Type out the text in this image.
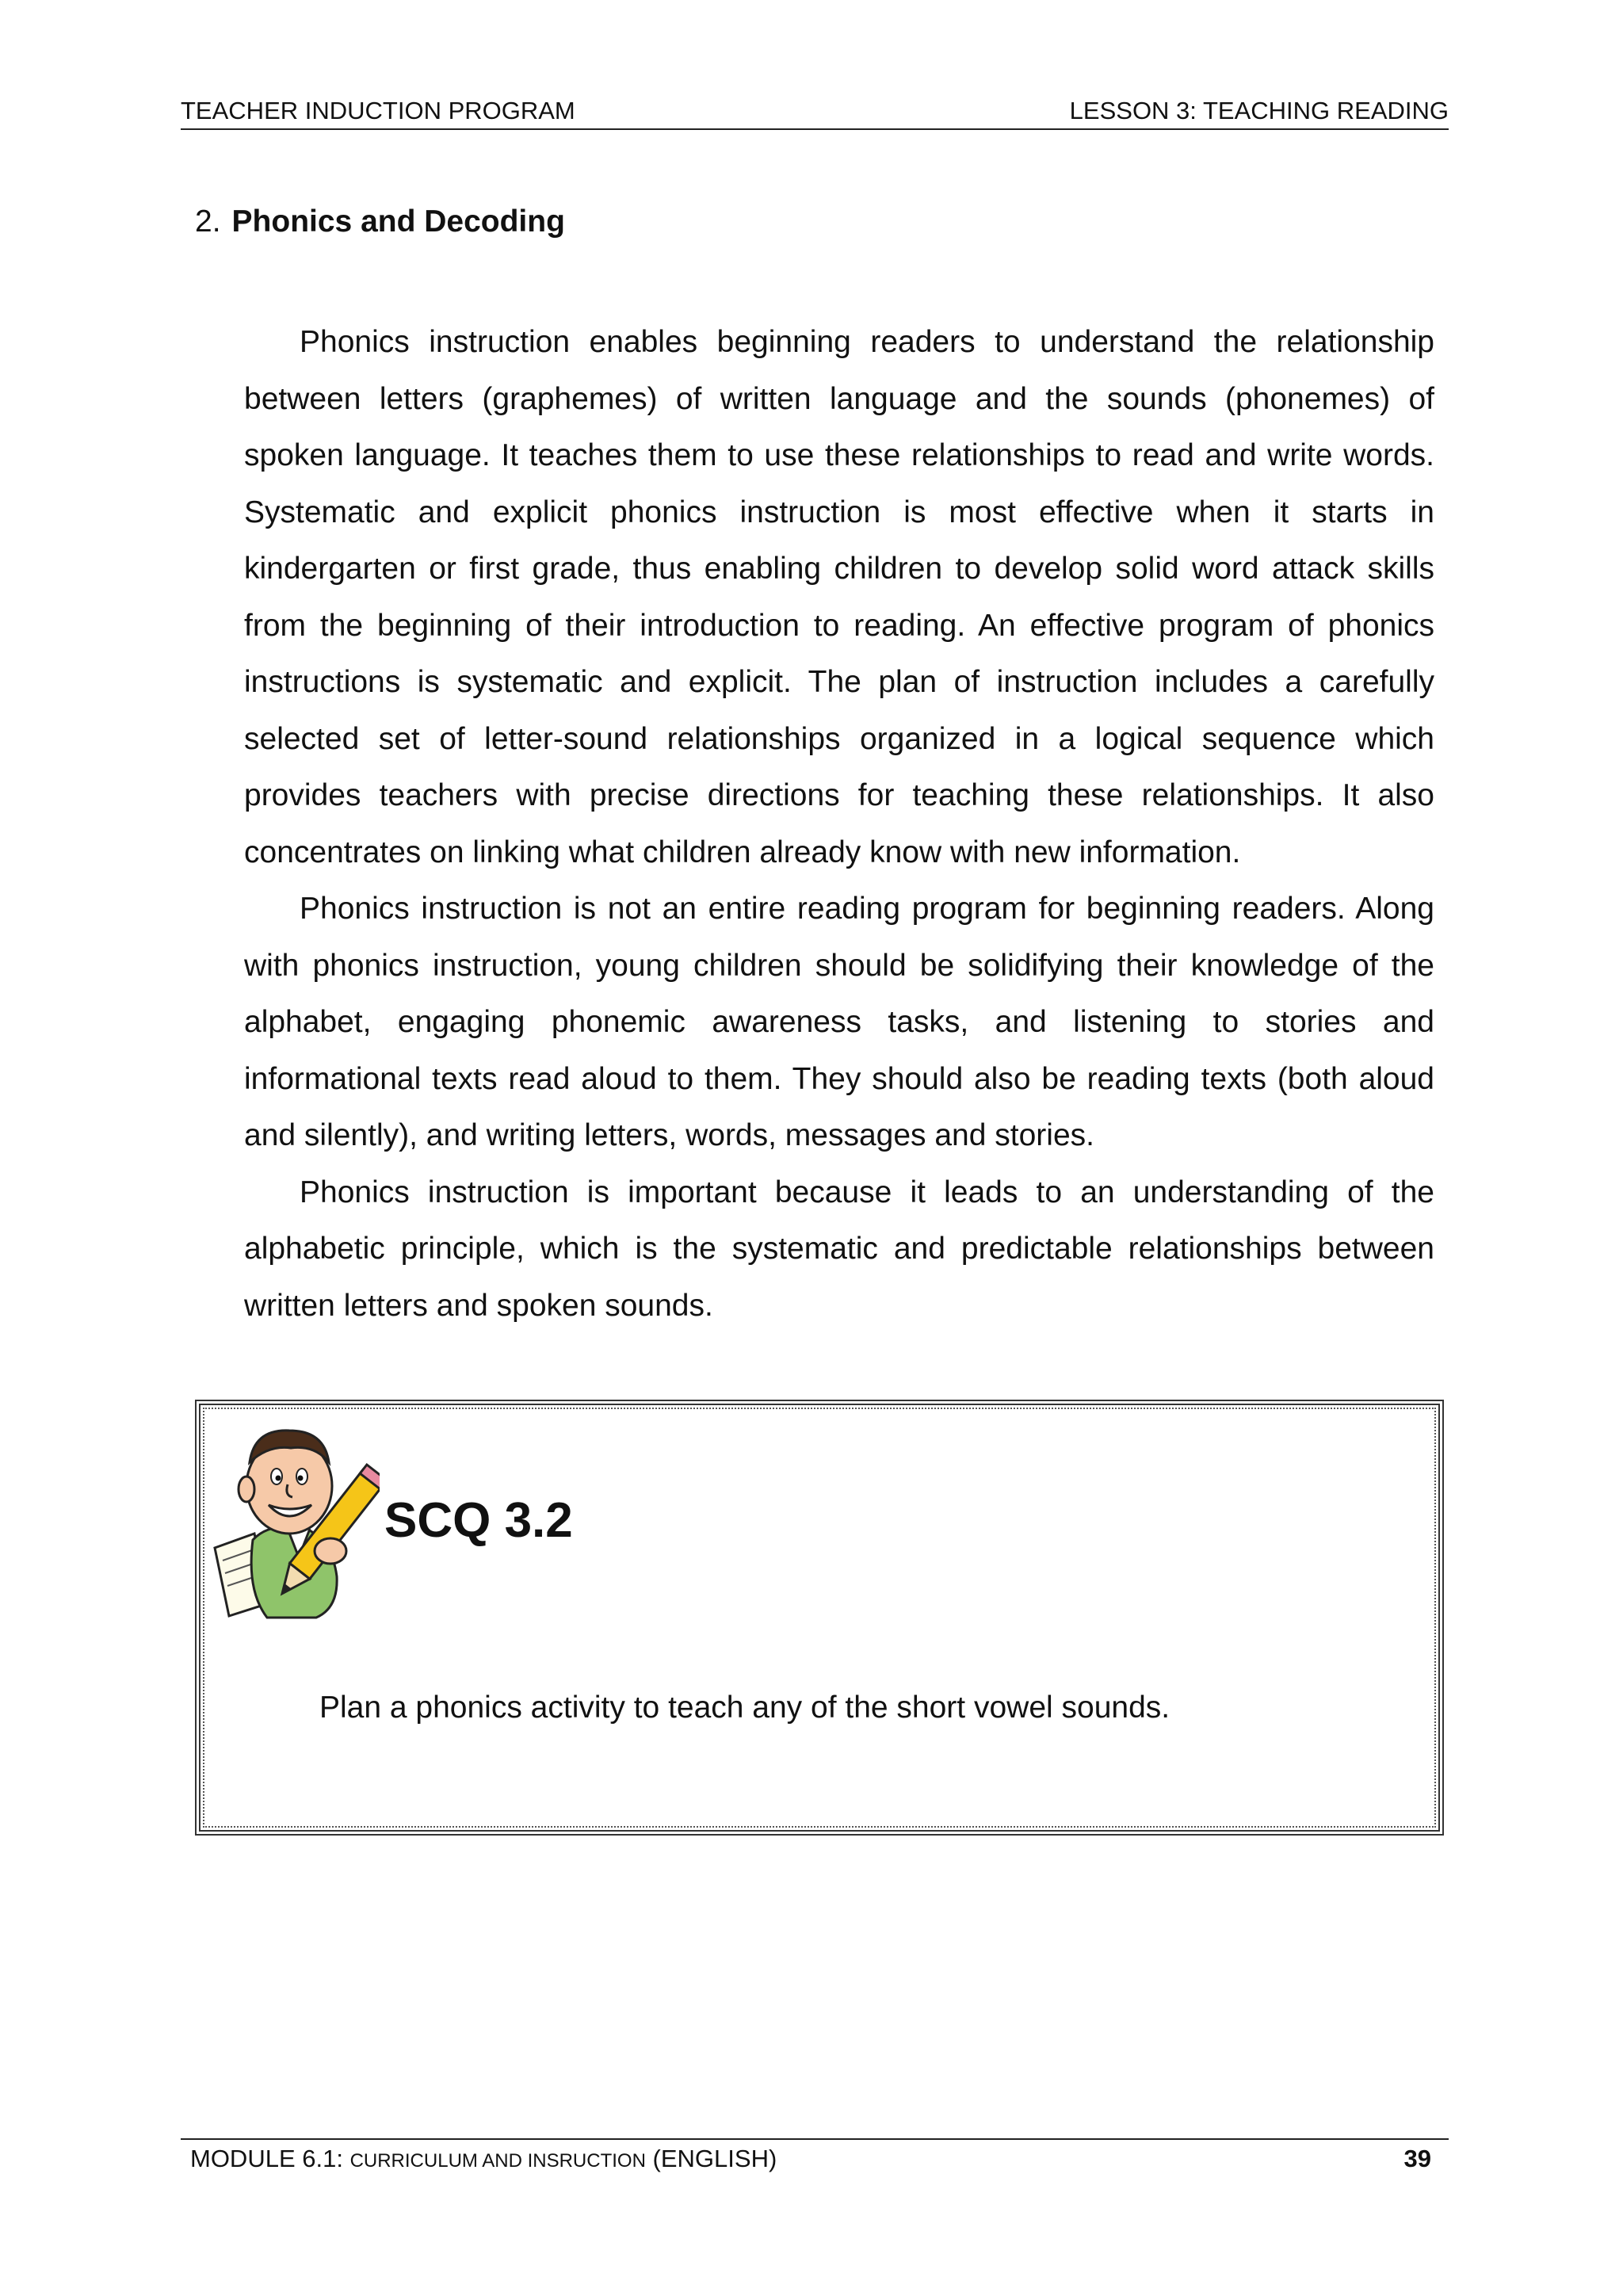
TEACHER INDUCTION PROGRAM	LESSON 3: TEACHING READING
2. Phonics and Decoding

Phonics instruction enables beginning readers to understand the relationship between letters (graphemes) of written language and the sounds (phonemes) of spoken language. It teaches them to use these relationships to read and write words. Systematic and explicit phonics instruction is most effective when it starts in kindergarten or first grade, thus enabling children to develop solid word attack skills from the beginning of their introduction to reading. An effective program of phonics instructions is systematic and explicit. The plan of instruction includes a carefully selected set of letter-sound relationships organized in a logical sequence which provides teachers with precise directions for teaching these relationships. It also concentrates on linking what children already know with new information.

Phonics instruction is not an entire reading program for beginning readers. Along with phonics instruction, young children should be solidifying their knowledge of the alphabet, engaging phonemic awareness tasks, and listening to stories and informational texts read aloud to them. They should also be reading texts (both aloud and silently), and writing letters, words, messages and stories.

Phonics instruction is important because it leads to an understanding of the alphabetic principle, which is the systematic and predictable relationships between written letters and spoken sounds.

SCQ 3.2
Plan a phonics activity to teach any of the short vowel sounds.
MODULE 6.1: CURRICULUM AND INSRUCTION (ENGLISH)	39
